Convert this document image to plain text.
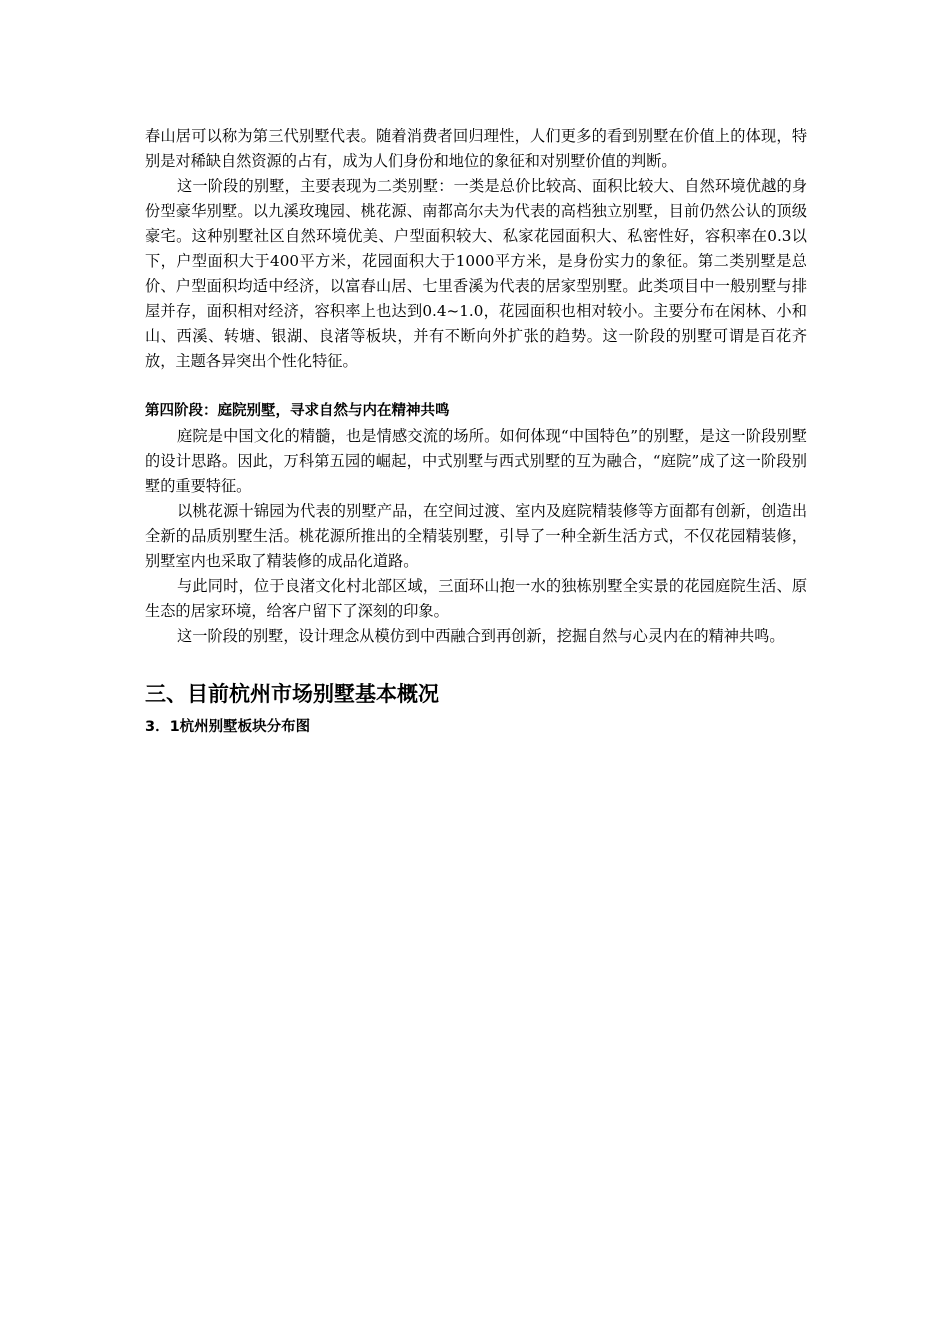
春山居可以称为第三代别墅代表。随着消费者回归理性，人们更多的看到别墅在价值上的体现，特别是对稀缺自然资源的占有，成为人们身份和地位的象征和对别墅价值的判断。

这一阶段的别墅，主要表现为二类别墅：一类是总价比较高、面积比较大、自然环境优越的身份型豪华别墅。以九溪玫瑰园、桃花源、南都高尔夫为代表的高档独立别墅，目前仍然公认的顶级豪宅。这种别墅社区自然环境优美、户型面积较大、私家花园面积大、私密性好，容积率在0.3以下，户型面积大于400平方米，花园面积大于1000平方米，是身份实力的象征。第二类别墅是总价、户型面积均适中经济，以富春山居、七里香溪为代表的居家型别墅。此类项目中一般别墅与排屋并存，面积相对经济，容积率上也达到0.4~1.0，花园面积也相对较小。主要分布在闲林、小和山、西溪、转塘、银湖、良渚等板块，并有不断向外扩张的趋势。这一阶段的别墅可谓是百花齐放，主题各异突出个性化特征。

第四阶段：庭院别墅，寻求自然与内在精神共鸣

庭院是中国文化的精髓，也是情感交流的场所。如何体现“中国特色”的别墅，是这一阶段别墅的设计思路。因此，万科第五园的崛起，中式别墅与西式别墅的互为融合，“庭院”成了这一阶段别墅的重要特征。

以桃花源十锦园为代表的别墅产品，在空间过渡、室内及庭院精装修等方面都有创新，创造出全新的品质别墅生活。桃花源所推出的全精装别墅，引导了一种全新生活方式，不仅花园精装修，别墅室内也采取了精装修的成品化道路。

与此同时，位于良渚文化村北部区域，三面环山抱一水的独栋别墅全实景的花园庭院生活、原生态的居家环境，给客户留下了深刻的印象。

这一阶段的别墅，设计理念从模仿到中西融合到再创新，挖掘自然与心灵内在的精神共鸣。

三、目前杭州市场别墅基本概况
3．1杭州别墅板块分布图
